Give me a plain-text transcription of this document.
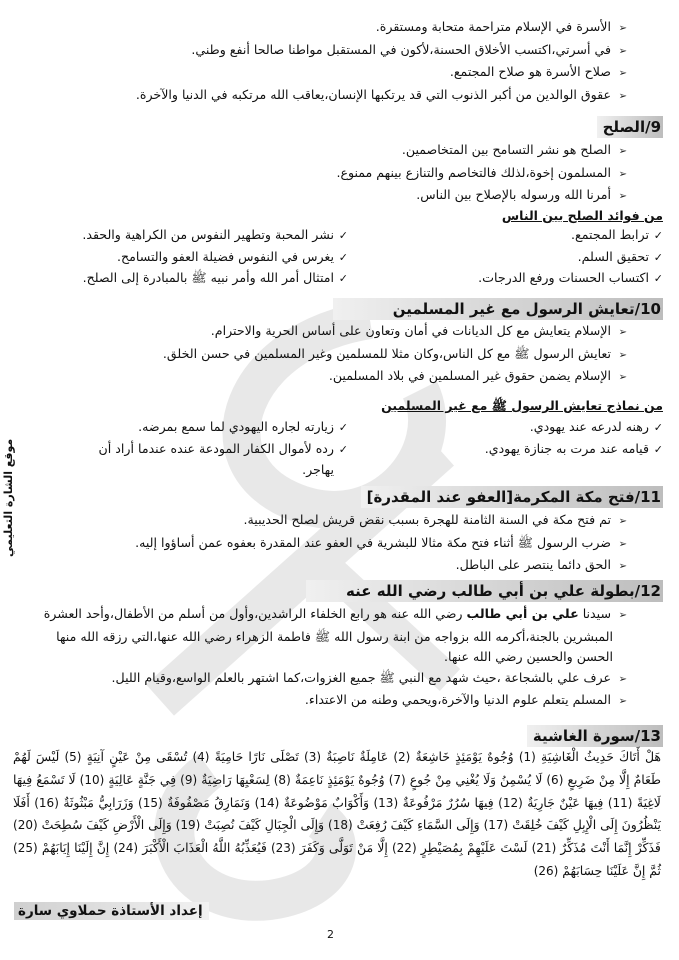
موقع الشارة التعليمي
➢الأسرة في الإسلام متراحمة متحابة ومستقرة.
➢في أسرتي،اكتسب الأخلاق الحسنة،لأكون في المستقبل مواطنا صالحا أنفع وطني.
➢صلاح الأسرة هو صلاح المجتمع.
➢عقوق الوالدين من أكبر الذنوب التي قد يرتكبها الإنسان،يعاقب الله مرتكبه في الدنيا والآخرة.
9/الصلح
➢الصلح هو نشر التسامح بين المتخاصمين.
➢المسلمون إخوة،لذلك فالتخاصم والتنازع بينهم ممنوع.
➢أمرنا الله ورسوله بالإصلاح بين الناس.
من فوائد الصلح بين الناس
✓ترابط المجتمع.
✓تحقيق السلم.
✓اكتساب الحسنات ورفع الدرجات.
✓نشر المحبة وتطهير النفوس من الكراهية والحقد.
✓يغرس في النفوس فضيلة العفو والتسامح.
✓امتثال أمر الله وأمر نبيه ﷺ بالمبادرة إلى الصلح.
10/تعايش الرسول مع غير المسلمين
➢الإسلام يتعايش مع كل الديانات في أمان وتعاون على أساس الحرية والاحترام.
➢تعايش الرسول ﷺ مع كل الناس،وكان مثلا للمسلمين وغير المسلمين في حسن الخلق.
➢الإسلام يضمن حقوق غير المسلمين في بلاد المسلمين.
من نماذج تعايش الرسول ﷺ مع غير المسلمين
✓رهنه لدرعه عند يهودي.
✓قيامه عند مرت به جنازة يهودي.
✓زيارته لجاره اليهودي لما سمع بمرضه.
✓رده لأموال الكفار المودعة عنده عندما أراد أن
يهاجر.
11/فتح مكة المكرمة[العفو عند المقدرة]
➢تم فتح مكة في السنة الثامنة للهجرة بسبب نقض قريش لصلح الحديبية.
➢ضرب الرسول ﷺ أثناء فتح مكة مثالا للبشرية في العفو عند المقدرة بعفوه عمن أساؤوا إليه.
➢الحق دائما ينتصر على الباطل.
12/بطولة علي بن أبي طالب رضي الله عنه
➢سيدنا علي بن أبي طالب رضي الله عنه هو رابع الخلفاء الراشدين،وأول من أسلم من الأطفال،وأحد العشرة
المبشرين بالجنة،أكرمه الله بزواجه من ابنة رسول الله ﷺ فاطمة الزهراء رضي الله عنها،التي رزقه الله منها
الحسن والحسين رضي الله عنها.
➢عرف علي بالشجاعة ،حيث شهد مع النبي ﷺ جميع الغزوات،كما اشتهر بالعلم الواسع،وقيام الليل.
➢المسلم يتعلم علوم الدنيا والآخرة،ويحمي وطنه من الاعتداء.
13/سورة الغاشية
هَلْ أَتَاكَ حَدِيثُ الْغَاشِيَةِ (1) وُجُوهٌ يَوْمَئِذٍ خَاشِعَةٌ (2) عَامِلَةٌ نَاصِبَةٌ (3) تَصْلَى نَارًا حَامِيَةً (4) تُسْقَى مِنْ عَيْنٍ آنِيَةٍ (5) لَيْسَ لَهُمْ طَعَامٌ إِلَّا مِنْ ضَرِيعٍ (6) لَا يُسْمِنُ وَلَا يُغْنِي مِنْ جُوعٍ (7) وُجُوهٌ يَوْمَئِذٍ نَاعِمَةٌ (8) لِسَعْيِهَا رَاضِيَةٌ (9) فِي جَنَّةٍ عَالِيَةٍ (10) لَا تَسْمَعُ فِيهَا لَاغِيَةً (11) فِيهَا عَيْنٌ جَارِيَةٌ (12) فِيهَا سُرُرٌ مَرْفُوعَةٌ (13) وَأَكْوَابٌ مَوْضُوعَةٌ (14) وَنَمَارِقُ مَصْفُوفَةٌ (15) وَزَرَابِيُّ مَبْثُوثَةٌ (16) أَفَلَا يَنْظُرُونَ إِلَى الْإِبِلِ كَيْفَ خُلِقَتْ (17) وَإِلَى السَّمَاءِ كَيْفَ رُفِعَتْ (18) وَإِلَى الْجِبَالِ كَيْفَ نُصِبَتْ (19) وَإِلَى الْأَرْضِ كَيْفَ سُطِحَتْ (20) فَذَكِّرْ إِنَّمَا أَنْتَ مُذَكِّرٌ (21) لَسْتَ عَلَيْهِمْ بِمُصَيْطِرٍ (22) إِلَّا مَنْ تَوَلَّى وَكَفَرَ (23) فَيُعَذِّبُهُ اللَّهُ الْعَذَابَ الْأَكْبَرَ (24) إِنَّ إِلَيْنَا إِيَابَهُمْ (25) ثُمَّ إِنَّ عَلَيْنَا حِسَابَهُمْ (26)
إعداد الأستاذة حملاوي سارة
2
